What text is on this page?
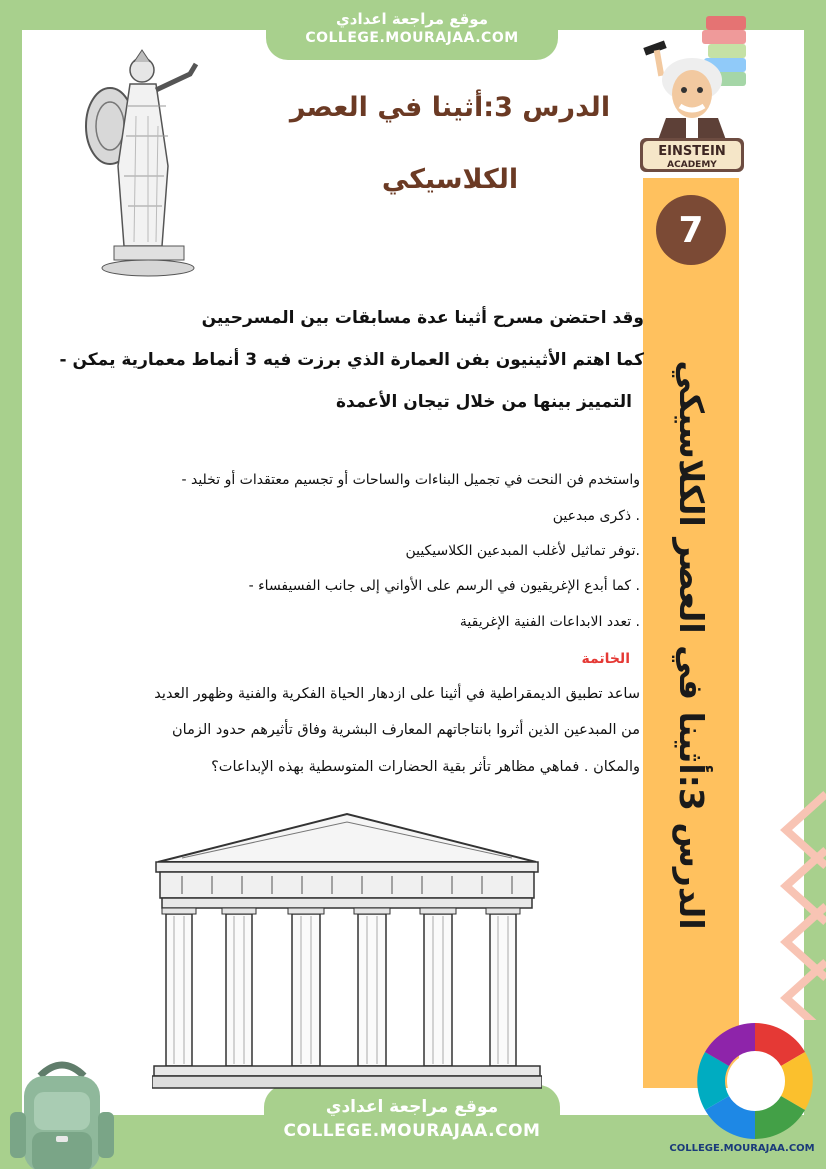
موقع مراجعة اعدادي
COLLEGE.MOURAJAA.COM
موقع مراجعة اعدادي
COLLEGE.MOURAJAA.COM
EINSTEIN
ACADEMY
الدرس 3:أثينا في العصر
الكلاسيكي
7
الدرس 3:أثينا في العصر الكلاسيكي
وقد احتضن مسرح أثينا عدة مسابقات بين المسرحيين
كما اهتم الأثينيون بفن العمارة الذي برزت فيه 3 أنماط معمارية يمكن -
التمييز بينها من خلال تيجان الأعمدة
واستخدم فن النحت في تجميل البناءات والساحات أو تجسيم معتقدات أو تخليد -
. ذكرى مبدعين
.توفر تماثيل لأغلب المبدعين الكلاسيكيين
. كما أبدع الإغريقيون في الرسم على الأواني إلى جانب الفسيفساء -
. تعدد الابداعات الفنية الإغريقية
الخاتمة
ساعد تطبيق الديمقراطية في أثينا على ازدهار الحياة الفكرية والفنية وظهور العديد
من المبدعين الذين أثروا بانتاجاتهم المعارف البشرية وفاق تأثيرهم حدود الزمان
والمكان . فماهي مظاهر تأثر بقية الحضارات المتوسطية بهذه الإبداعات؟
COLLEGE.MOURAJAA.COM
